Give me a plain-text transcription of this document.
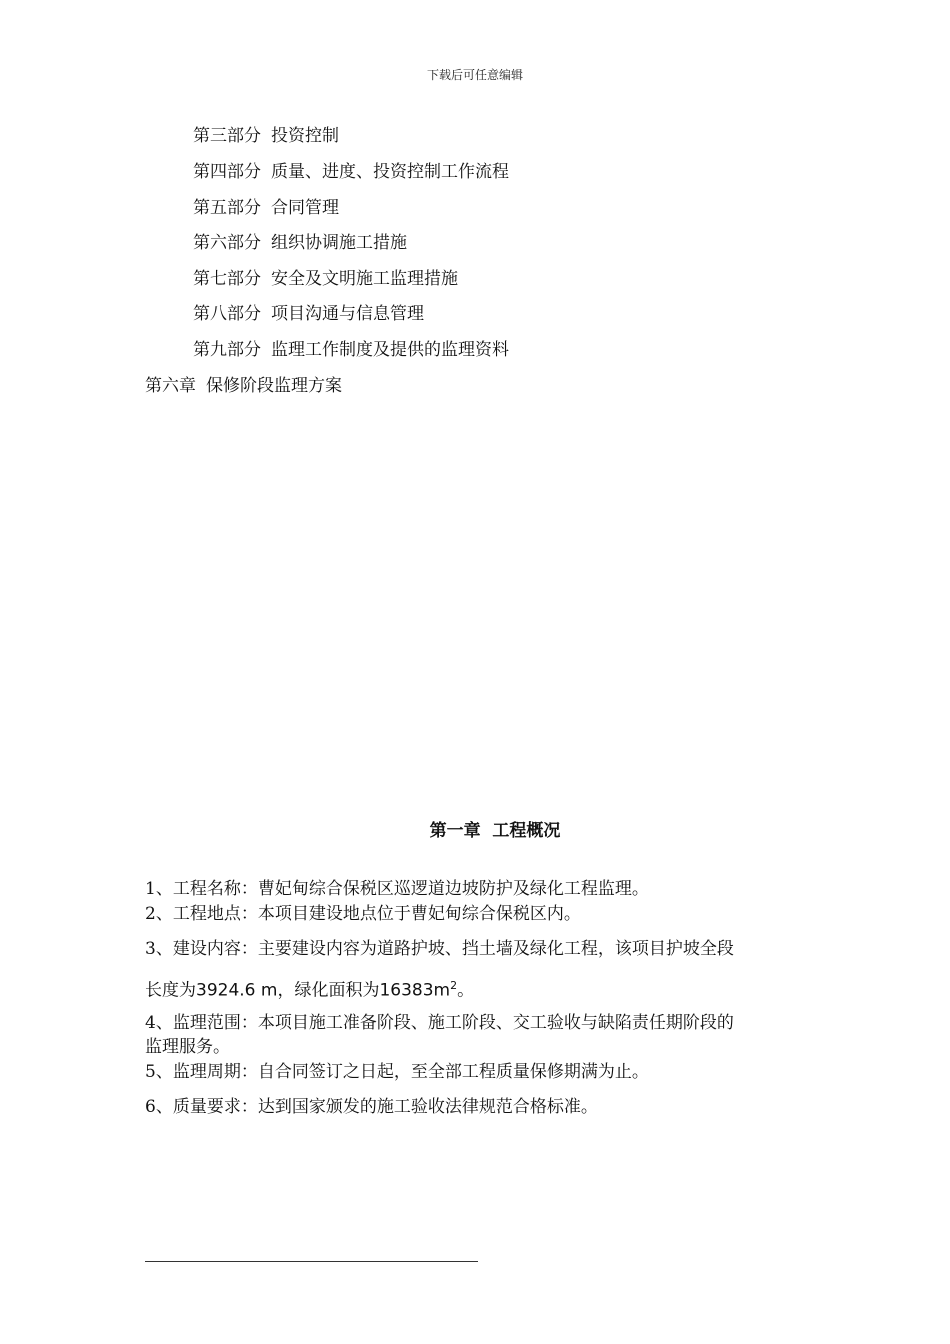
下载后可任意编辑
第三部分 投资控制
第四部分 质量、进度、投资控制工作流程
第五部分 合同管理
第六部分 组织协调施工措施
第七部分 安全及文明施工监理措施
第八部分 项目沟通与信息管理
第九部分 监理工作制度及提供的监理资料
第六章 保修阶段监理方案
第一章  工程概况
1、工程名称：曹妃甸综合保税区巡逻道边坡防护及绿化工程监理。
2、工程地点：本项目建设地点位于曹妃甸综合保税区内。
3、建设内容：主要建设内容为道路护坡、挡土墙及绿化工程，该项目护坡全段
长度为3924.6 m，绿化面积为$16383m^2$。
4、监理范围：本项目施工准备阶段、施工阶段、交工验收与缺陷责任期阶段的
监理服务。
5、监理周期：自合同签订之日起，至全部工程质量保修期满为止。
6、质量要求：达到国家颁发的施工验收法律规范合格标准。
